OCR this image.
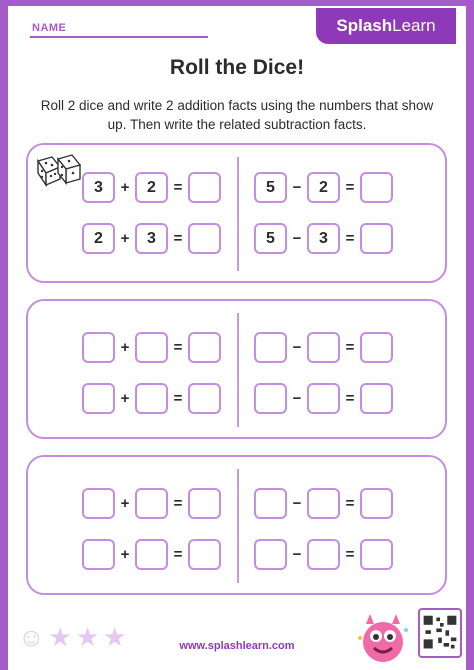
NAME	Splash Learn
Roll the Dice!
Roll 2 dice and write 2 addition facts using the numbers that show up. Then write the related subtraction facts.
3	+	2	=
2	+	3	=
5	−	2	=
5	−	3	=
+	=
+	=
−	=
−	=
+	=
+	=
−	=
−	=
☺ ★ ★ ★	www.splashlearn.com
